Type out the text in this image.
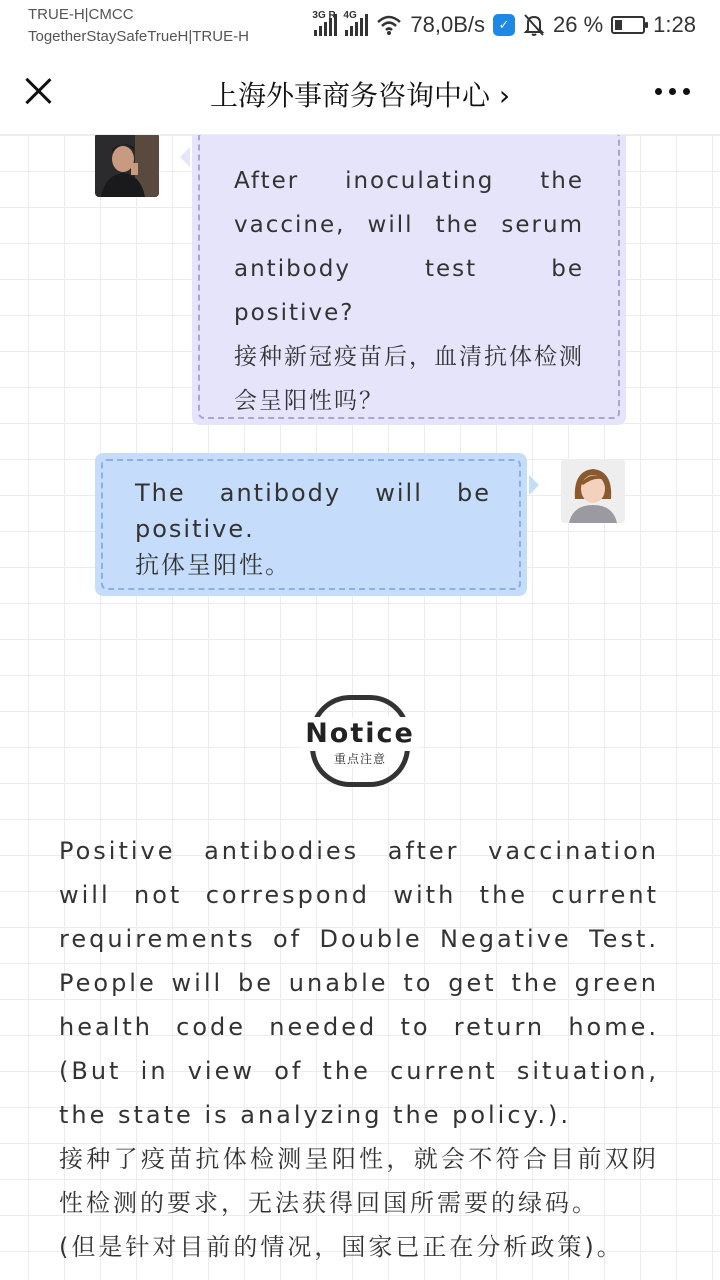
TRUE-H|CMCC
TogetherStaySafeTrueH|TRUE-H
3G R 4G 78,0B/s	✓ 26 % 1:28
上海外事商务咨询中心 ›
After inoculating the vaccine, will the serum antibody test be positive?
接种新冠疫苗后，血清抗体检测会呈阳性吗？
The antibody will be positive.
抗体呈阳性。
Notice
重点注意
Positive antibodies after vaccination will not correspond with the current requirements of Double Negative Test. People will be unable to get the green health code needed to return home. (But in view of the current situation, the state is analyzing the policy.).
接种了疫苗抗体检测呈阳性，就会不符合目前双阴性检测的要求，无法获得回国所需要的绿码。
(但是针对目前的情况，国家已正在分析政策)。
